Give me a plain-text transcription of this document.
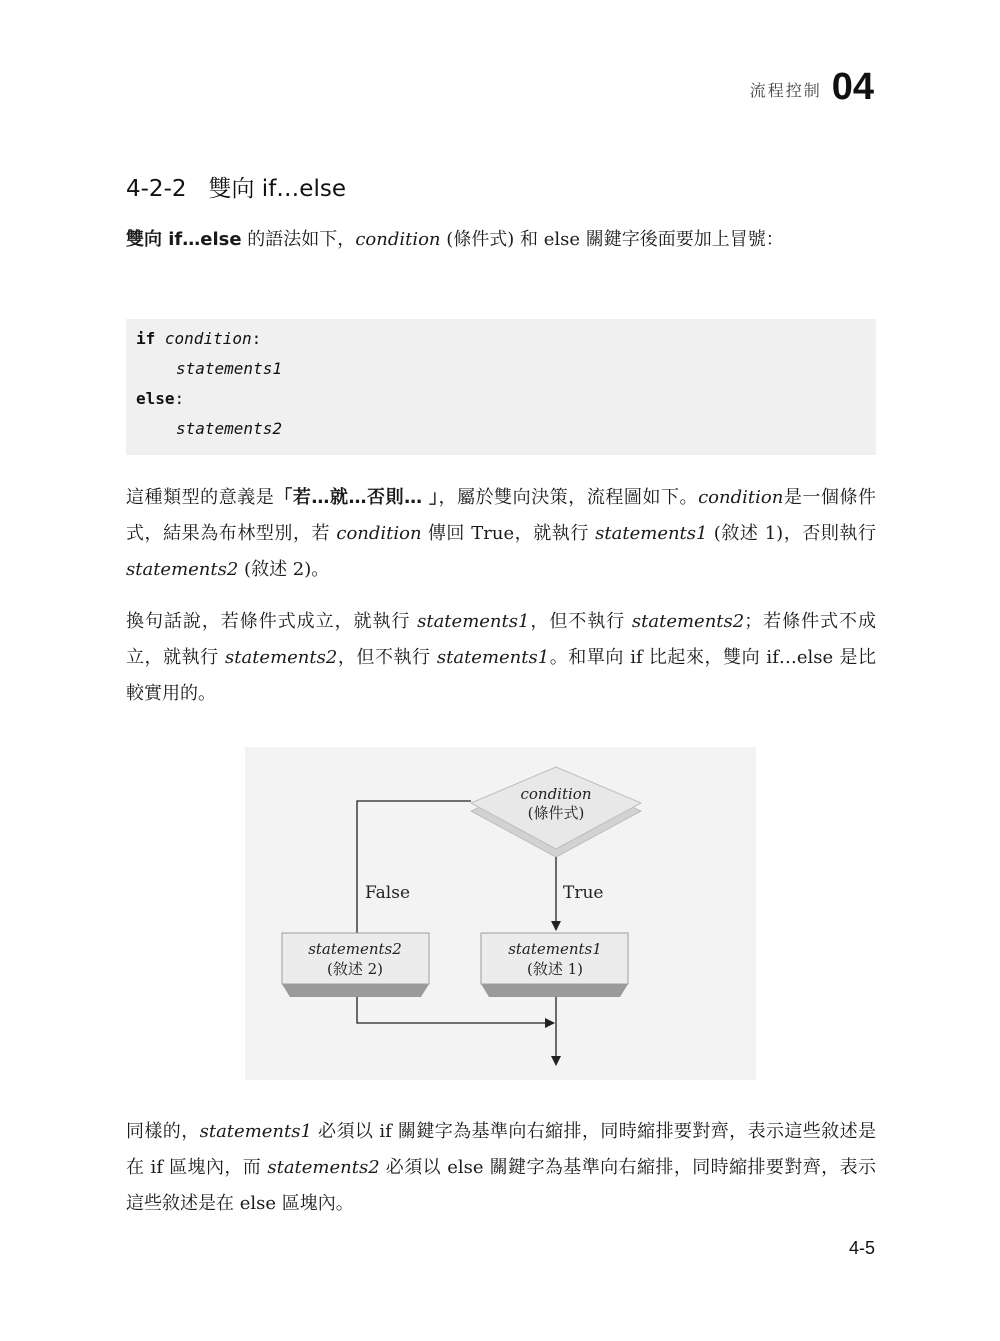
流程控制 04
4-2-2 雙向 if…else
雙向 if…else 的語法如下，condition (條件式) 和 else 關鍵字後面要加上冒號：
if condition:
statements1
else:
statements2
這種類型的意義是「若…就…否則… 」，屬於雙向決策，流程圖如下。condition是一個條件式，結果為布林型別，若 condition 傳回 True，就執行 statements1 (敘述 1)，否則執行 statements2 (敘述 2)。
換句話說，若條件式成立，就執行 statements1，但不執行 statements2；若條件式不成立，就執行 statements2，但不執行 statements1。和單向 if 比起來，雙向 if…else 是比較實用的。
condition
(條件式)
False	True
statements2
(敘述 2)
statements1
(敘述 1)
同樣的，statements1 必須以 if 關鍵字為基準向右縮排，同時縮排要對齊，表示這些敘述是在 if 區塊內，而 statements2 必須以 else 關鍵字為基準向右縮排，同時縮排要對齊，表示這些敘述是在 else 區塊內。
4-5
